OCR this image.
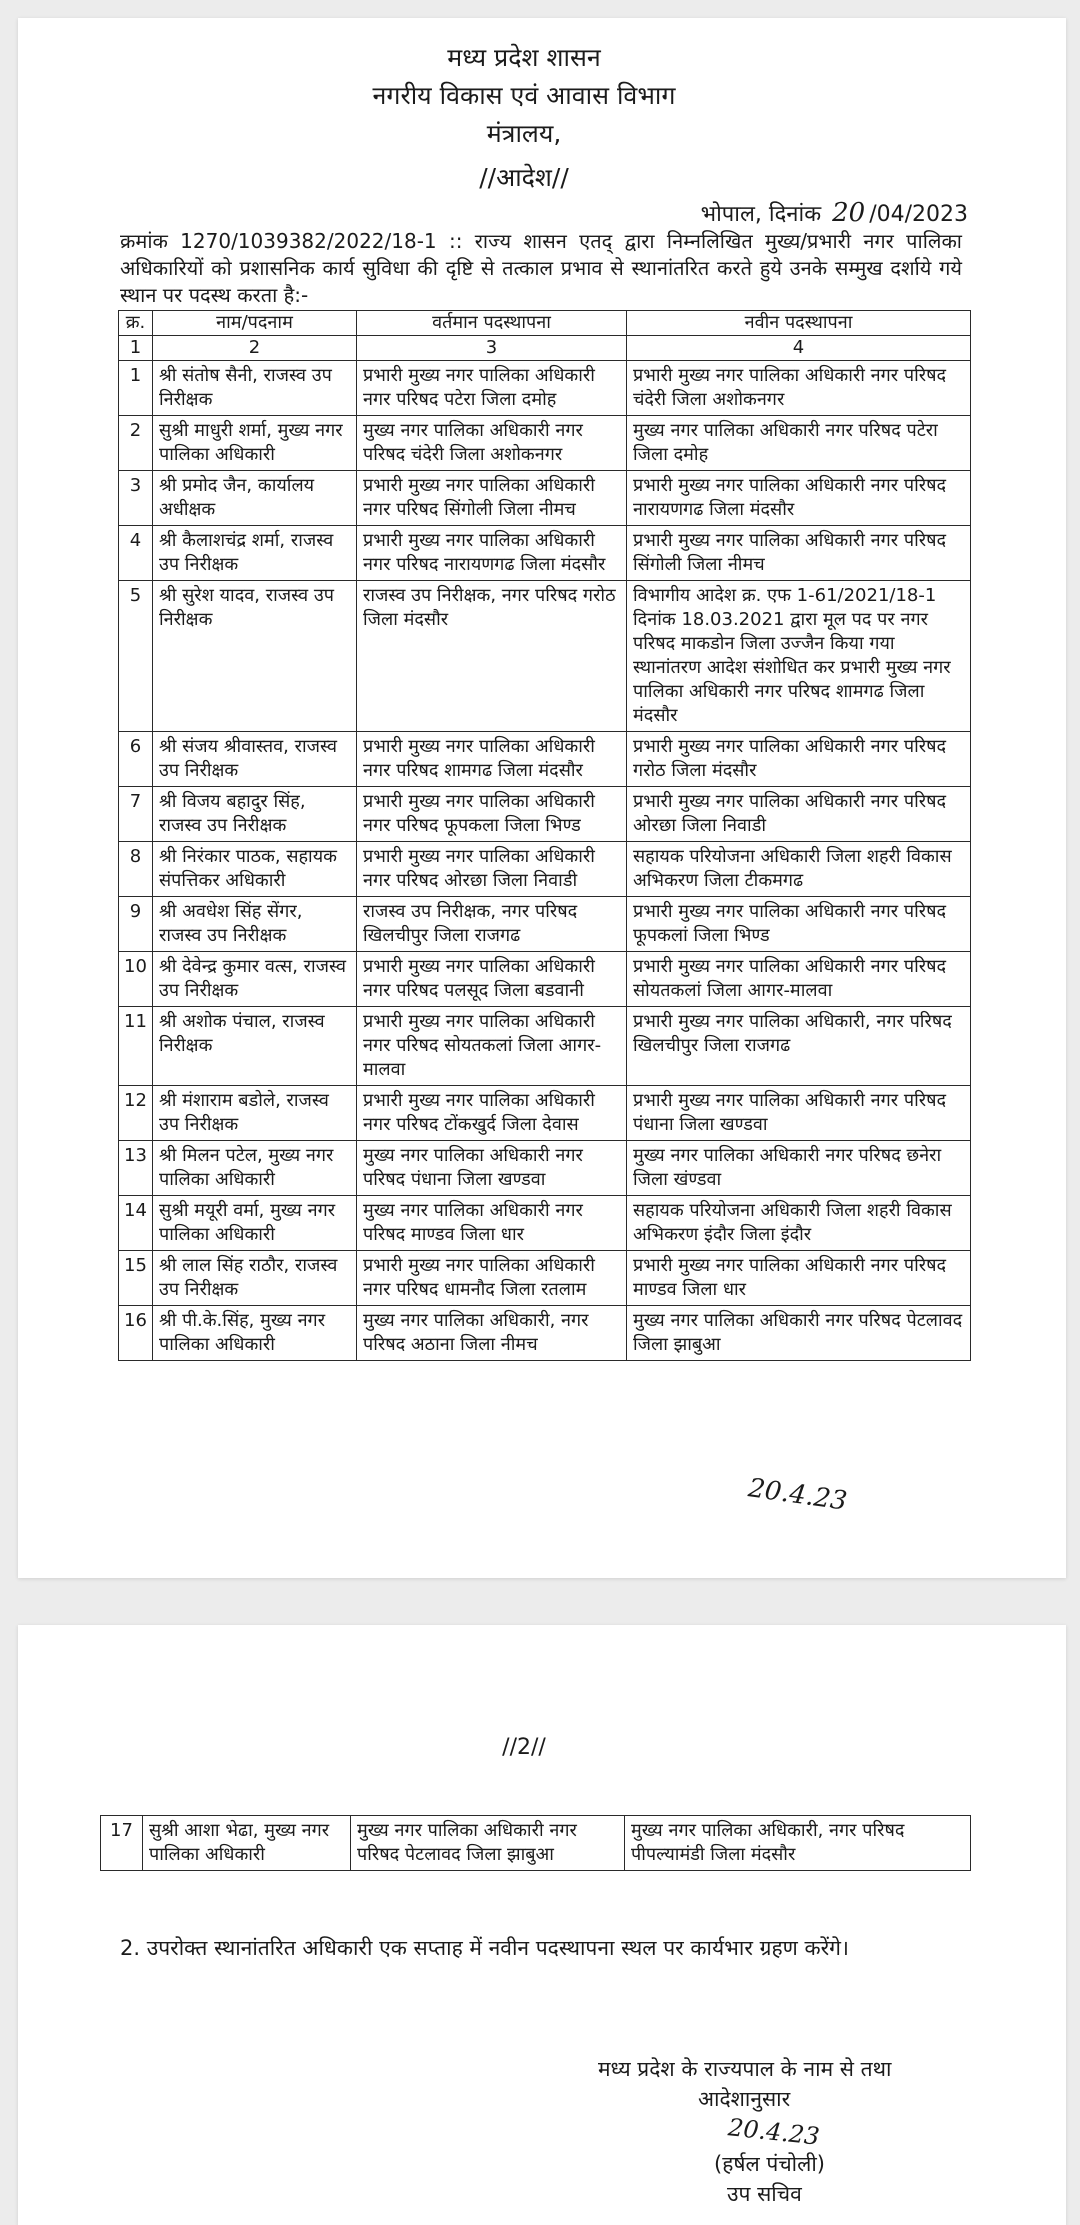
मध्य प्रदेश शासन
नगरीय विकास एवं आवास विभाग
मंत्रालय,
//आदेश//
भोपाल, दिनांक 20 /04/2023
क्रमांक 1270/1039382/2022/18-1 :: राज्य शासन एतद् द्वारा निम्नलिखित मुख्य/प्रभारी नगर पालिका अधिकारियों को प्रशासनिक कार्य सुविधा की दृष्टि से तत्काल प्रभाव से स्थानांतरित करते हुये उनके सम्मुख दर्शाये गये स्थान पर पदस्थ करता है:-
क्र.	नाम/पदनाम	वर्तमान पदस्थापना	नवीन पदस्थापना
1	2	3	4
1	श्री संतोष सैनी, राजस्व उप निरीक्षक	प्रभारी मुख्य नगर पालिका अधिकारी नगर परिषद पटेरा जिला दमोह	प्रभारी मुख्य नगर पालिका अधिकारी नगर परिषद चंदेरी जिला अशोकनगर
2	सुश्री माधुरी शर्मा, मुख्य नगर पालिका अधिकारी	मुख्य नगर पालिका अधिकारी नगर परिषद चंदेरी जिला अशोकनगर	मुख्य नगर पालिका अधिकारी नगर परिषद पटेरा जिला दमोह
3	श्री प्रमोद जैन, कार्यालय अधीक्षक	प्रभारी मुख्य नगर पालिका अधिकारी नगर परिषद सिंगोली जिला नीमच	प्रभारी मुख्य नगर पालिका अधिकारी नगर परिषद नारायणगढ जिला मंदसौर
4	श्री कैलाशचंद्र शर्मा, राजस्व उप निरीक्षक	प्रभारी मुख्य नगर पालिका अधिकारी नगर परिषद नारायणगढ जिला मंदसौर	प्रभारी मुख्य नगर पालिका अधिकारी नगर परिषद सिंगोली जिला नीमच
5	श्री सुरेश यादव, राजस्व उप निरीक्षक	राजस्व उप निरीक्षक, नगर परिषद गरोठ जिला मंदसौर	विभागीय आदेश क्र. एफ 1-61/2021/18-1 दिनांक 18.03.2021 द्वारा मूल पद पर नगर परिषद माकडोन जिला उज्जैन किया गया स्थानांतरण आदेश संशोधित कर प्रभारी मुख्य नगर पालिका अधिकारी नगर परिषद शामगढ जिला मंदसौर
6	श्री संजय श्रीवास्तव, राजस्व उप निरीक्षक	प्रभारी मुख्य नगर पालिका अधिकारी नगर परिषद शामगढ जिला मंदसौर	प्रभारी मुख्य नगर पालिका अधिकारी नगर परिषद गरोठ जिला मंदसौर
7	श्री विजय बहादुर सिंह, राजस्व उप निरीक्षक	प्रभारी मुख्य नगर पालिका अधिकारी नगर परिषद फूपकला जिला भिण्ड	प्रभारी मुख्य नगर पालिका अधिकारी नगर परिषद ओरछा जिला निवाडी
8	श्री निरंकार पाठक, सहायक संपत्तिकर अधिकारी	प्रभारी मुख्य नगर पालिका अधिकारी नगर परिषद ओरछा जिला निवाडी	सहायक परियोजना अधिकारी जिला शहरी विकास अभिकरण जिला टीकमगढ
9	श्री अवधेश सिंह सेंगर, राजस्व उप निरीक्षक	राजस्व उप निरीक्षक, नगर परिषद खिलचीपुर जिला राजगढ	प्रभारी मुख्य नगर पालिका अधिकारी नगर परिषद फूपकलां जिला भिण्ड
10	श्री देवेन्द्र कुमार वत्स, राजस्व उप निरीक्षक	प्रभारी मुख्य नगर पालिका अधिकारी नगर परिषद पलसूद जिला बडवानी	प्रभारी मुख्य नगर पालिका अधिकारी नगर परिषद सोयतकलां जिला आगर-मालवा
11	श्री अशोक पंचाल, राजस्व निरीक्षक	प्रभारी मुख्य नगर पालिका अधिकारी नगर परिषद सोयतकलां जिला आगर-मालवा	प्रभारी मुख्य नगर पालिका अधिकारी, नगर परिषद खिलचीपुर जिला राजगढ
12	श्री मंशाराम बडोले, राजस्व उप निरीक्षक	प्रभारी मुख्य नगर पालिका अधिकारी नगर परिषद टोंकखुर्द जिला देवास	प्रभारी मुख्य नगर पालिका अधिकारी नगर परिषद पंधाना जिला खण्डवा
13	श्री मिलन पटेल, मुख्य नगर पालिका अधिकारी	मुख्य नगर पालिका अधिकारी नगर परिषद पंधाना जिला खण्डवा	मुख्य नगर पालिका अधिकारी नगर परिषद छनेरा जिला खंण्डवा
14	सुश्री मयूरी वर्मा, मुख्य नगर पालिका अधिकारी	मुख्य नगर पालिका अधिकारी नगर परिषद माण्डव जिला धार	सहायक परियोजना अधिकारी जिला शहरी विकास अभिकरण इंदौर जिला इंदौर
15	श्री लाल सिंह राठौर, राजस्व उप निरीक्षक	प्रभारी मुख्य नगर पालिका अधिकारी नगर परिषद धामनौद जिला रतलाम	प्रभारी मुख्य नगर पालिका अधिकारी नगर परिषद माण्डव जिला धार
16	श्री पी.के.सिंह, मुख्य नगर पालिका अधिकारी	मुख्य नगर पालिका अधिकारी, नगर परिषद अठाना जिला नीमच	मुख्य नगर पालिका अधिकारी नगर परिषद पेटलावद जिला झाबुआ
20.4.23
//2//
17	सुश्री आशा भेढा, मुख्य नगर पालिका अधिकारी	मुख्य नगर पालिका अधिकारी नगर परिषद पेटलावद जिला झाबुआ	मुख्य नगर पालिका अधिकारी, नगर परिषद पीपल्यामंडी जिला मंदसौर
2. उपरोक्त स्थानांतरित अधिकारी एक सप्ताह में नवीन पदस्थापना स्थल पर कार्यभार ग्रहण करेंगे।
मध्य प्रदेश के राज्यपाल के नाम से तथा
आदेशानुसार
20.4.23
(हर्षल पंचोली)
उप सचिव
